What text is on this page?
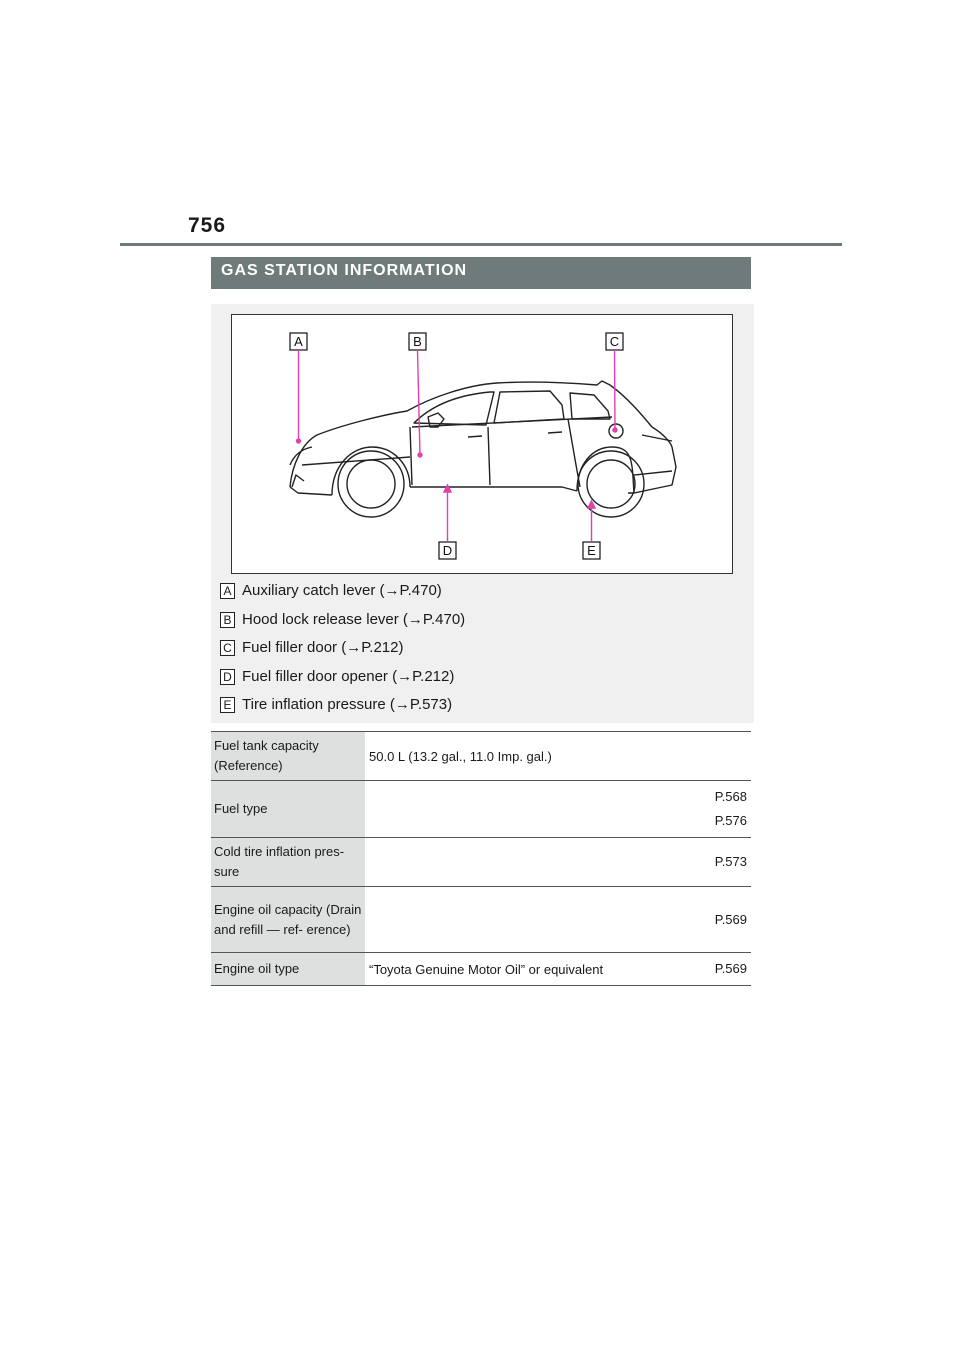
756
GAS STATION INFORMATION
A	B	C
D	E
A Auxiliary catch lever (→P.470)
B Hood lock release lever (→P.470)
C Fuel filler door (→P.212)
D Fuel filler door opener (→P.212)
E Tire inflation pressure (→P.573)
Fuel tank capacity (Reference)	50.0 L (13.2 gal., 11.0 Imp. gal.)	
Fuel type		P.568
P.576

Cold tire inflation pres- sure		P.573

Engine oil capacity (Drain and refill — ref- erence)		P.569

Engine oil type	“Toyota Genuine Motor Oil” or equivalent	P.569
